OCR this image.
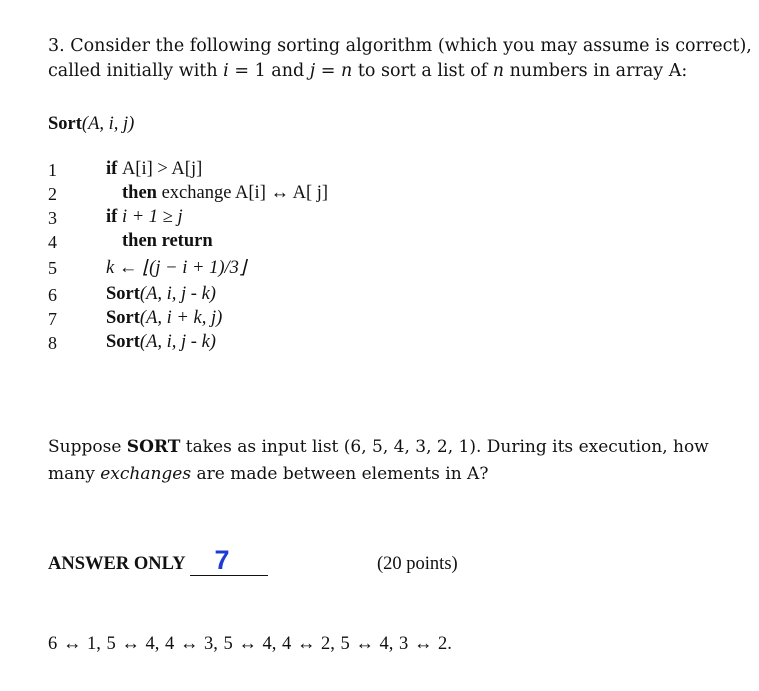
3. Consider the following sorting algorithm (which you may assume is correct),
called initially with i = 1 and j = n to sort a list of n numbers in array A:
Sort(A, i, j)
1
2
3
4
5
6
7
8
if A[i] > A[j]
then exchange A[i] ↔ A[ j]
if i + 1 ≥ j
then return
k ← ⌊(j − i + 1)/3⌋
Sort(A, i, j - k)
Sort(A, i + k, j)
Sort(A, i, j - k)
Suppose SORT takes as input list (6, 5, 4, 3, 2, 1). During its execution, how
many exchanges are made between elements in A?
ANSWER ONLY	7	(20 points)
6 ↔ 1, 5 ↔ 4, 4 ↔ 3, 5 ↔ 4, 4 ↔ 2, 5 ↔ 4, 3 ↔ 2.
